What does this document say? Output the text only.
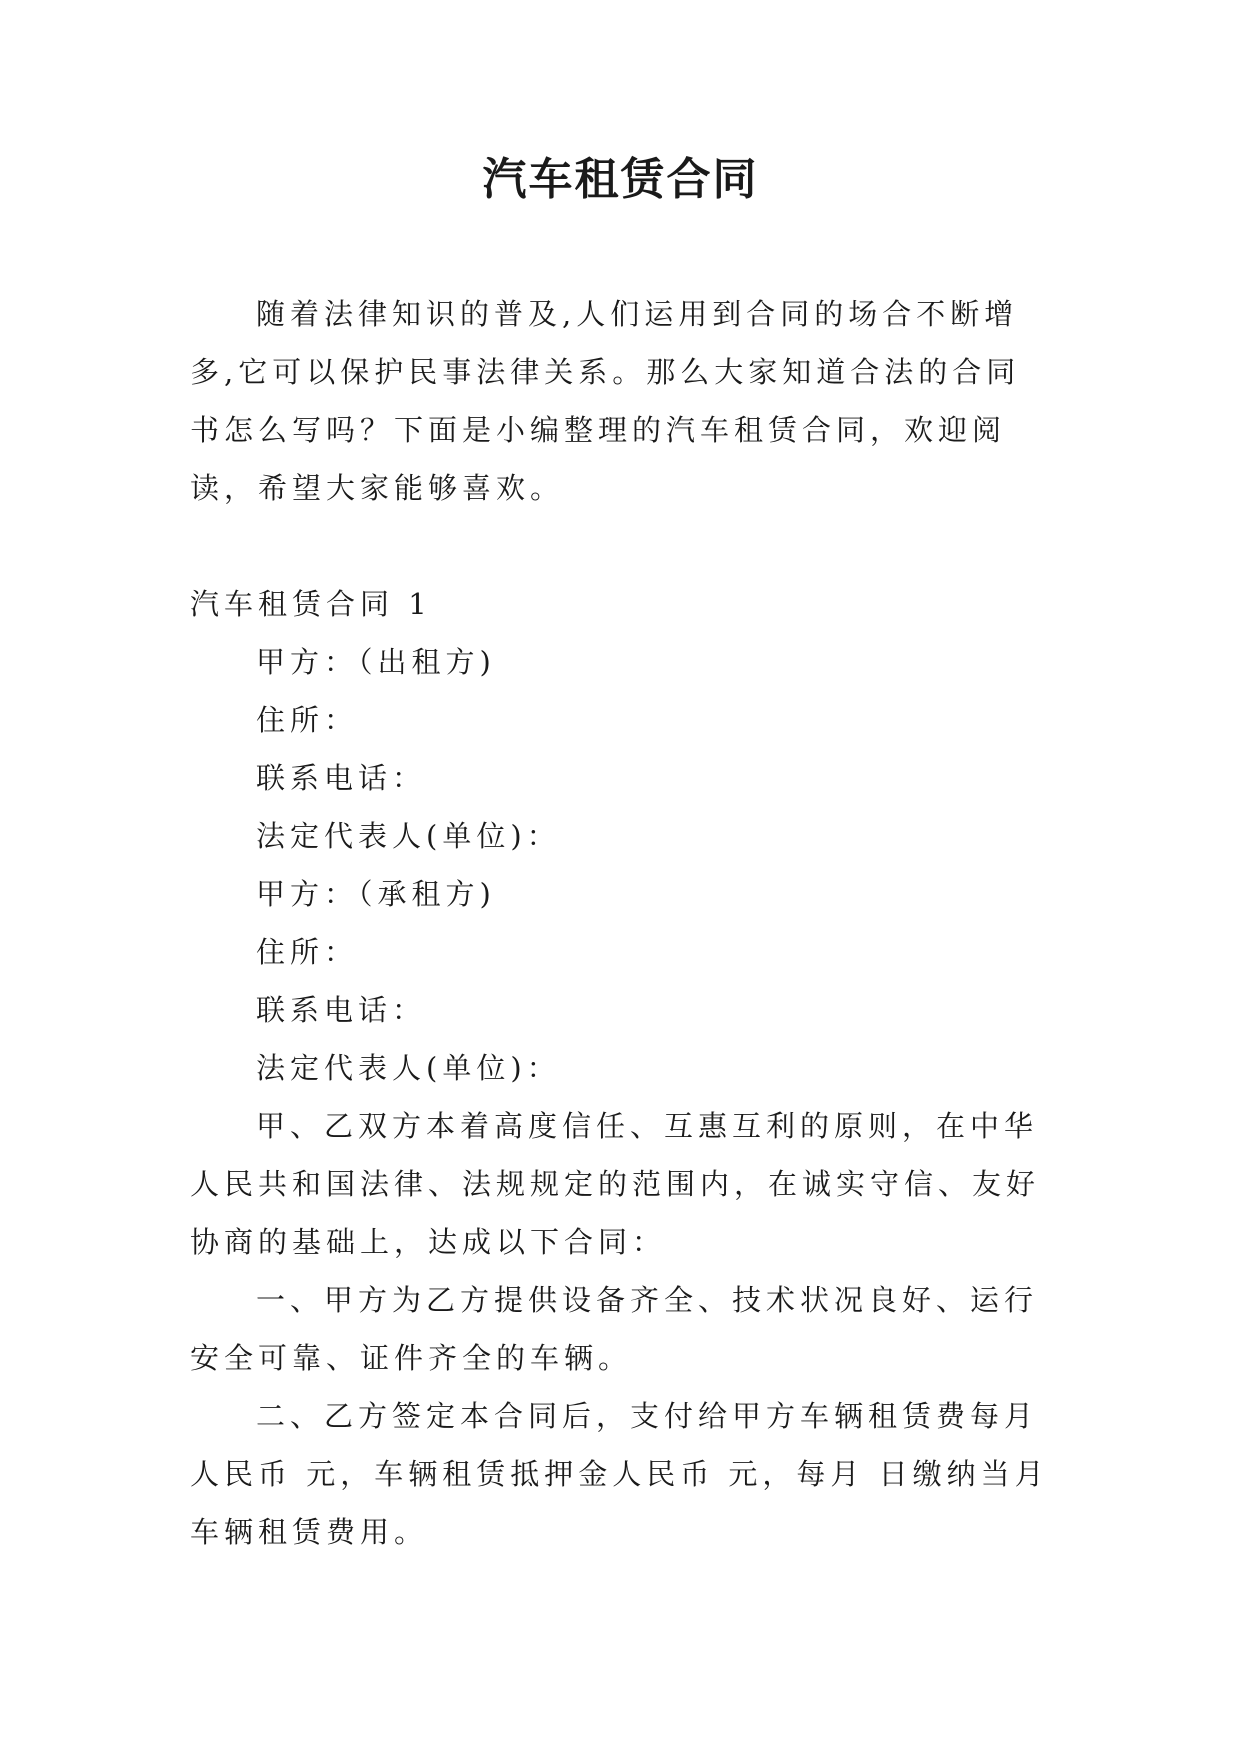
汽车租赁合同

随着法律知识的普及,人们运用到合同的场合不断增多,它可以保护民事法律关系。那么大家知道合法的合同书怎么写吗？下面是小编整理的汽车租赁合同，欢迎阅读，希望大家能够喜欢。

汽车租赁合同 1

甲方：（出租方)

住所：

联系电话：

法定代表人(单位)：

甲方：（承租方)

住所：

联系电话：

法定代表人(单位)：

甲、乙双方本着高度信任、互惠互利的原则，在中华人民共和国法律、法规规定的范围内，在诚实守信、友好协商的基础上，达成以下合同：

一、甲方为乙方提供设备齐全、技术状况良好、运行安全可靠、证件齐全的车辆。

二、乙方签定本合同后，支付给甲方车辆租赁费每月人民币 元，车辆租赁抵押金人民币 元，每月 日缴纳当月车辆租赁费用。
